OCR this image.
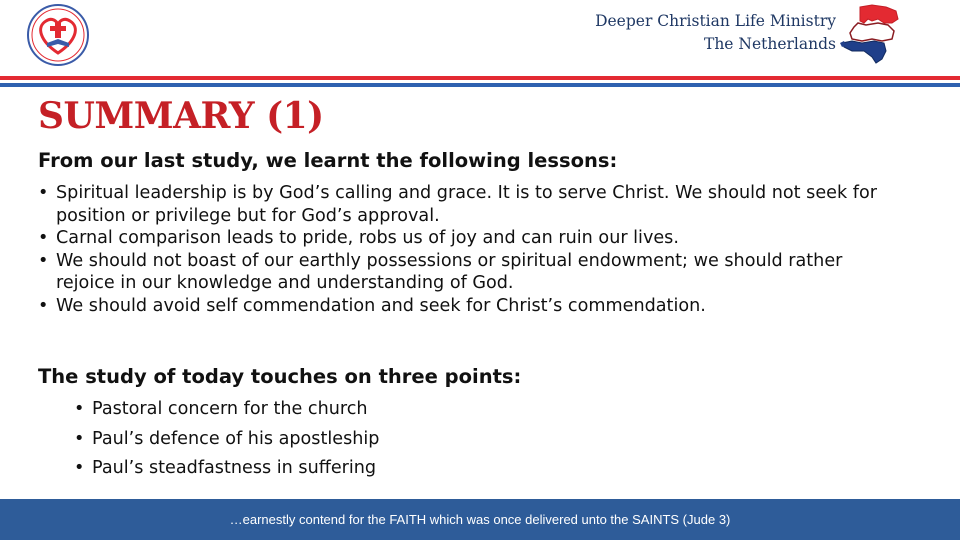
Deeper Christian Life Ministry
The Netherlands
SUMMARY (1)
From our last study, we learnt the following lessons:
• Spiritual leadership is by God’s calling and grace. It is to serve Christ. We should not seek for position or privilege but for God’s approval.
• Carnal comparison leads to pride, robs us of joy and can ruin our lives.
• We should not boast of our earthly possessions or spiritual endowment; we should rather rejoice in our knowledge and understanding of God.
• We should avoid self commendation and seek for Christ’s commendation.
The study of today touches on three points:
• Pastoral concern for the church
• Paul’s defence of his apostleship
• Paul’s steadfastness in suffering
…earnestly contend for the FAITH which was once delivered unto the SAINTS (Jude 3)
